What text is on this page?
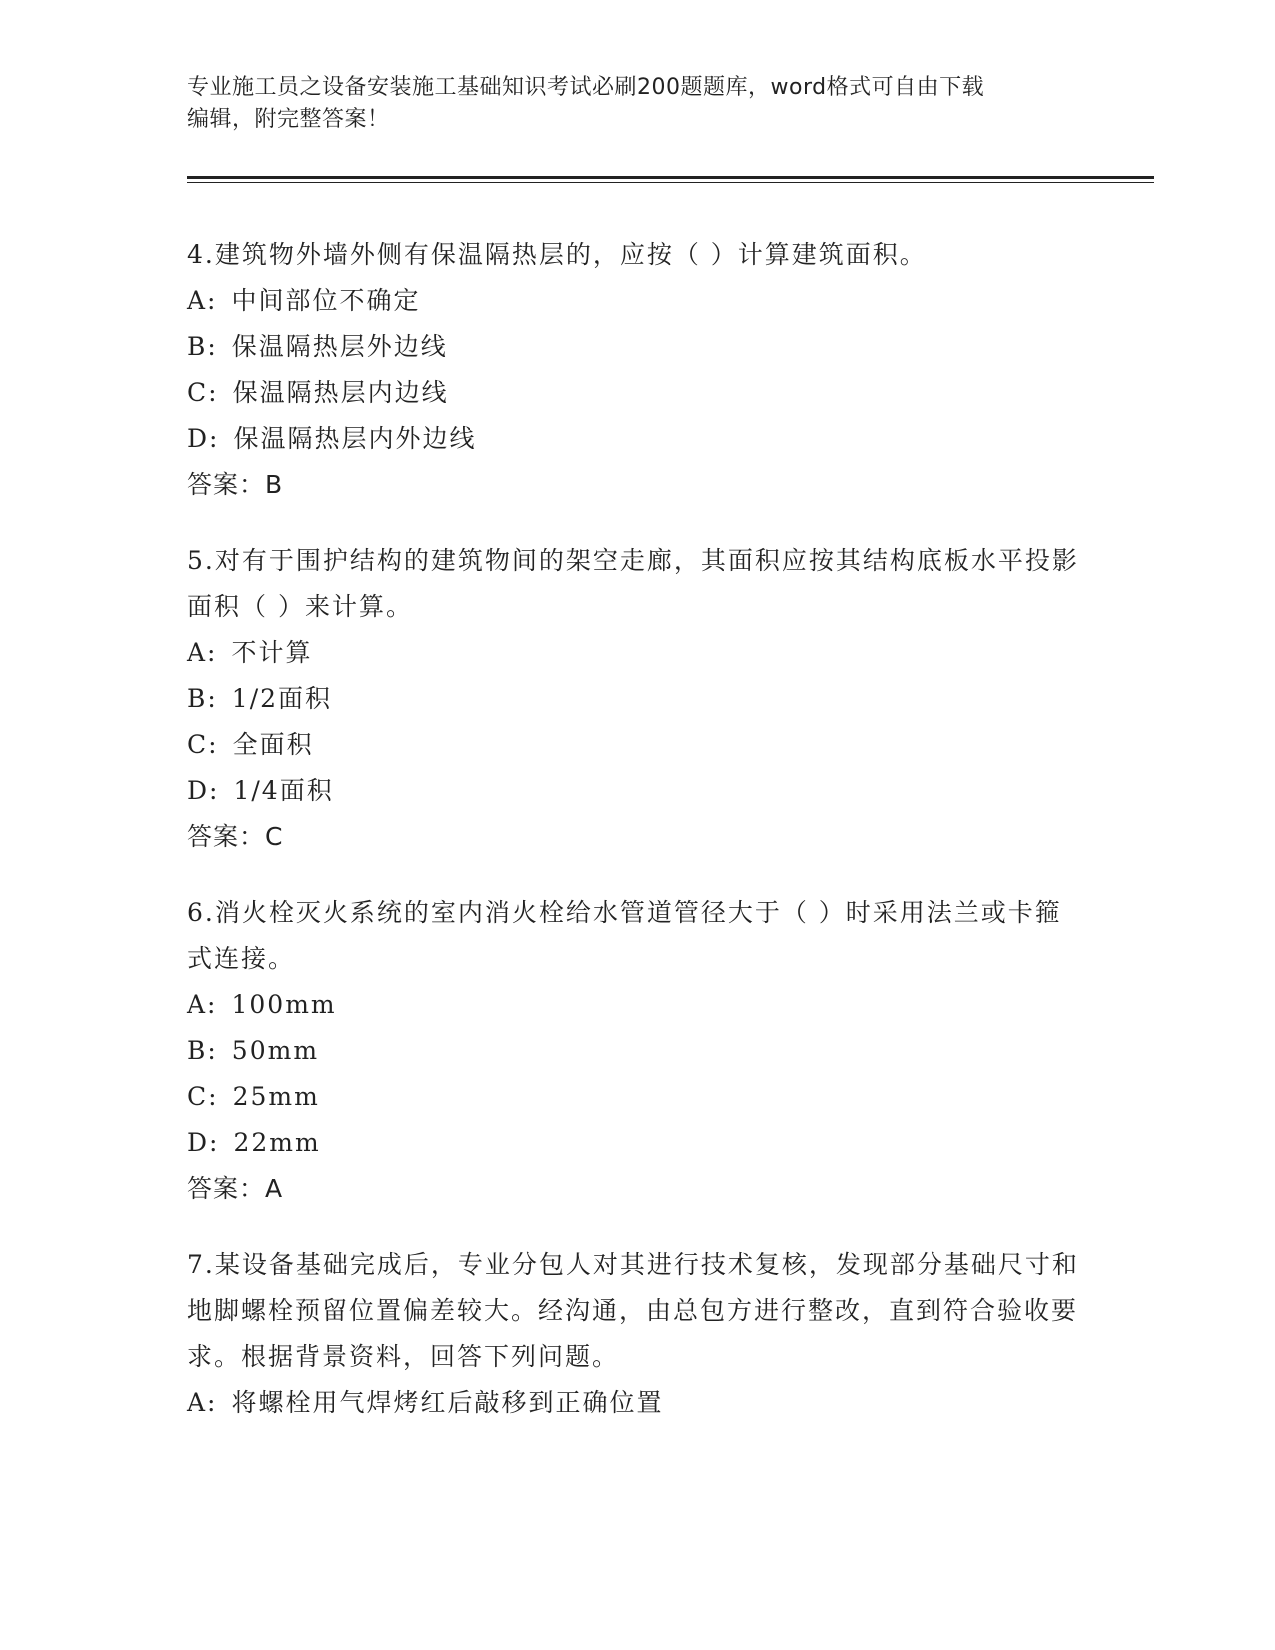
专业施工员之设备安装施工基础知识考试必刷200题题库，word格式可自由下载
编辑，附完整答案！
4.建筑物外墙外侧有保温隔热层的，应按（ ）计算建筑面积。
A: 中间部位不确定
B: 保温隔热层外边线
C: 保温隔热层内边线
D: 保温隔热层内外边线
答案：B
5.对有于围护结构的建筑物间的架空走廊，其面积应按其结构底板水平投影面积（ ）来计算。
A: 不计算
B: 1/2面积
C: 全面积
D: 1/4面积
答案：C
6.消火栓灭火系统的室内消火栓给水管道管径大于（ ）时采用法兰或卡箍式连接。
A: 100mm
B: 50mm
C: 25mm
D: 22mm
答案：A
7.某设备基础完成后，专业分包人对其进行技术复核，发现部分基础尺寸和地脚螺栓预留位置偏差较大。经沟通，由总包方进行整改，直到符合验收要求。根据背景资料，回答下列问题。
A: 将螺栓用气焊烤红后敲移到正确位置
